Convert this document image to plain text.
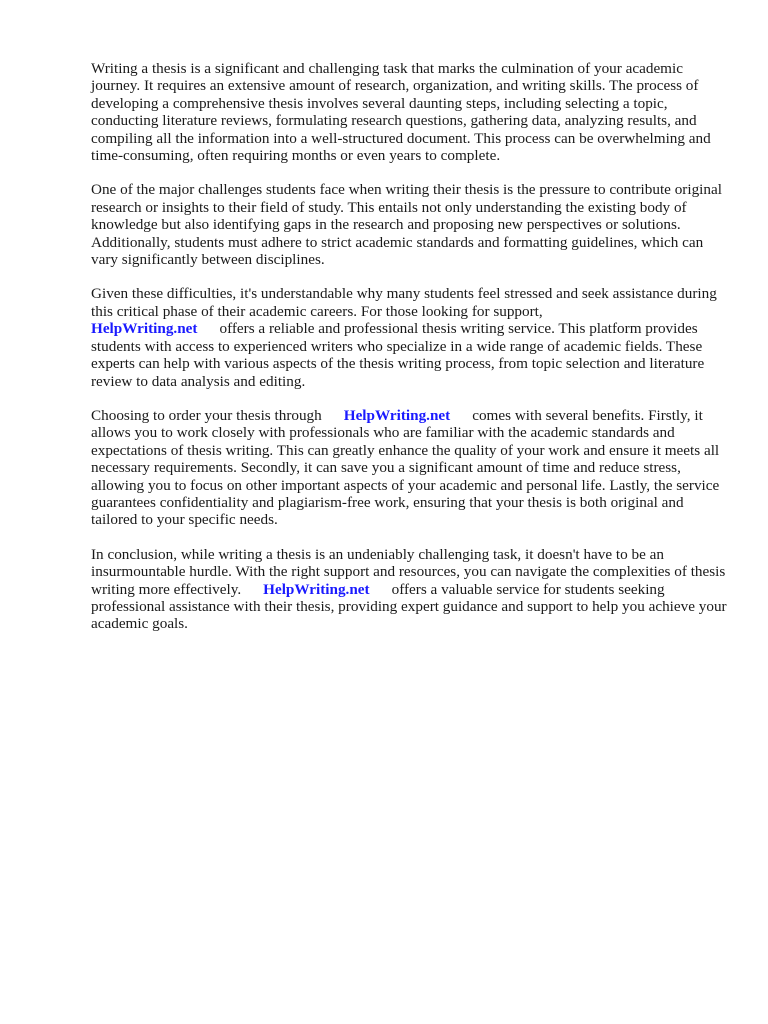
Writing a thesis is a significant and challenging task that marks the culmination of your academic journey. It requires an extensive amount of research, organization, and writing skills. The process of developing a comprehensive thesis involves several daunting steps, including selecting a topic, conducting literature reviews, formulating research questions, gathering data, analyzing results, and compiling all the information into a well-structured document. This process can be overwhelming and time-consuming, often requiring months or even years to complete.

One of the major challenges students face when writing their thesis is the pressure to contribute original research or insights to their field of study. This entails not only understanding the existing body of knowledge but also identifying gaps in the research and proposing new perspectives or solutions. Additionally, students must adhere to strict academic standards and formatting guidelines, which can vary significantly between disciplines.

Given these difficulties, it's understandable why many students feel stressed and seek assistance during this critical phase of their academic careers. For those looking for support,
HelpWriting.net offers a reliable and professional thesis writing service. This platform provides students with access to experienced writers who specialize in a wide range of academic fields. These experts can help with various aspects of the thesis writing process, from topic selection and literature review to data analysis and editing.

Choosing to order your thesis through HelpWriting.net comes with several benefits. Firstly, it allows you to work closely with professionals who are familiar with the academic standards and expectations of thesis writing. This can greatly enhance the quality of your work and ensure it meets all necessary requirements. Secondly, it can save you a significant amount of time and reduce stress, allowing you to focus on other important aspects of your academic and personal life. Lastly, the service guarantees confidentiality and plagiarism-free work, ensuring that your thesis is both original and tailored to your specific needs.

In conclusion, while writing a thesis is an undeniably challenging task, it doesn't have to be an insurmountable hurdle. With the right support and resources, you can navigate the complexities of thesis writing more effectively. HelpWriting.net offers a valuable service for students seeking professional assistance with their thesis, providing expert guidance and support to help you achieve your academic goals.
